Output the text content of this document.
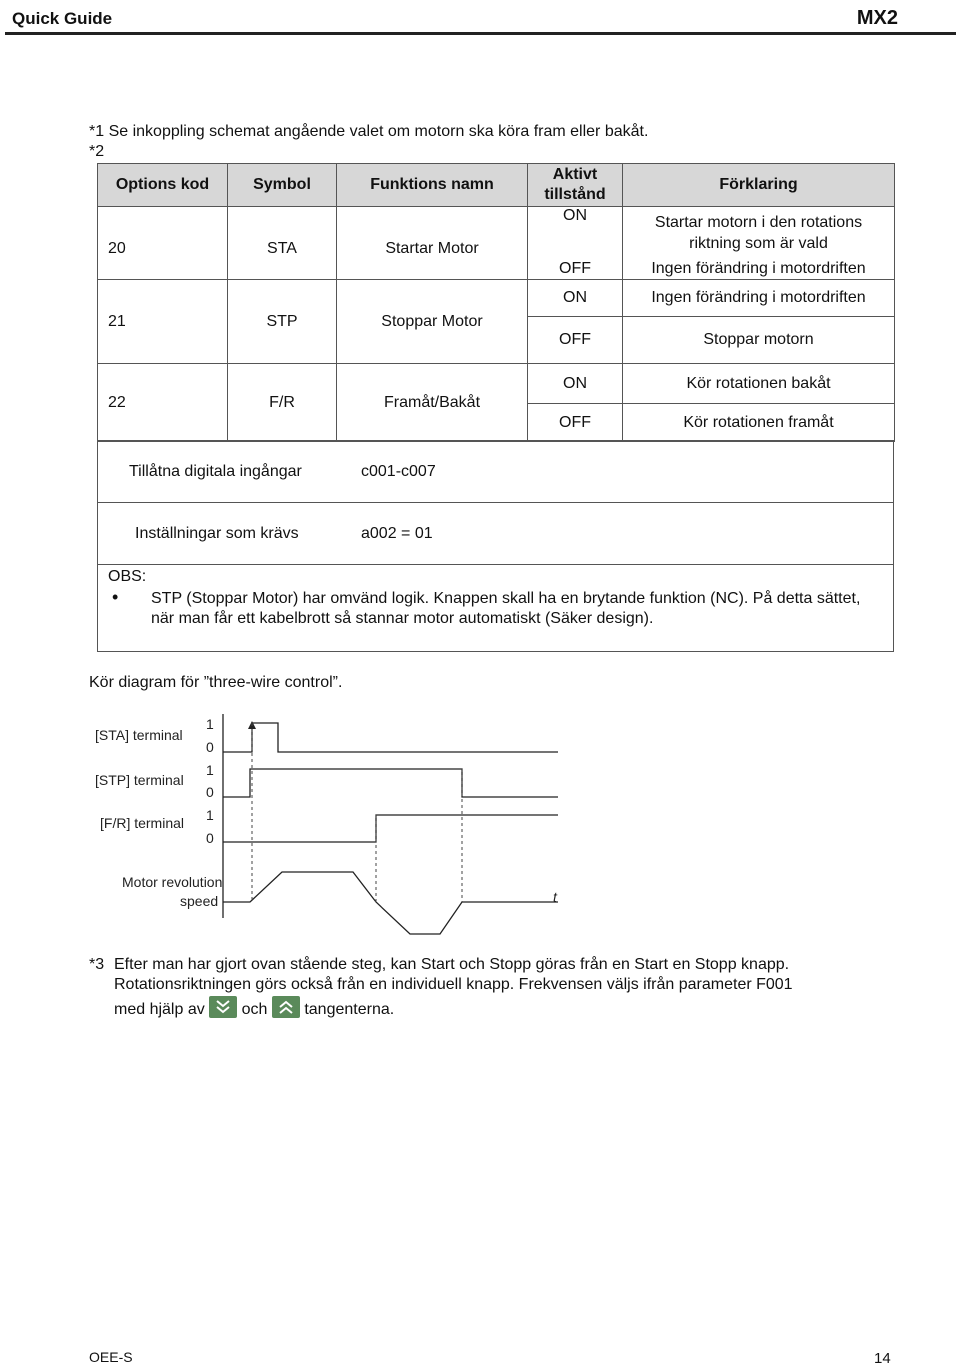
Quick Guide	MX2
*1 Se inkoppling schemat angående valet om motorn ska köra fram eller bakåt.
*2
Options kod	Symbol	Funktions namn	Aktivt tillstånd	Förklaring
20	STA	Startar Motor	ON	Startar motorn i den rotations riktning som är vald
			OFF	Ingen förändring i motordriften
21	STP	Stoppar Motor	ON	Ingen förändring i motordriften
			OFF	Stoppar motorn
22	F/R	Framåt/Bakåt	ON	Kör rotationen bakåt
			OFF	Kör rotationen framåt
Tillåtna digitala ingångar	c001-c007
Inställningar som krävs	a002 = 01
OBS:
• STP (Stoppar Motor) har omvänd logik. Knappen skall ha en brytande funktion (NC). På detta sättet, när man får ett kabelbrott så stannar motor automatiskt (Säker design).
Kör diagram för ”three-wire control”.
[STA] terminal
[STP] terminal
[F/R] terminal
Motor revolution
speed
1
0
1
0
1
0
t
*3 Efter man har gjort ovan stående steg, kan Start och Stopp göras från en Start en Stopp knapp.
Rotationsriktningen görs också från en individuell knapp. Frekvensen väljs ifrån parameter F001
med hjälp av och tangenterna.
OEE-S	14
